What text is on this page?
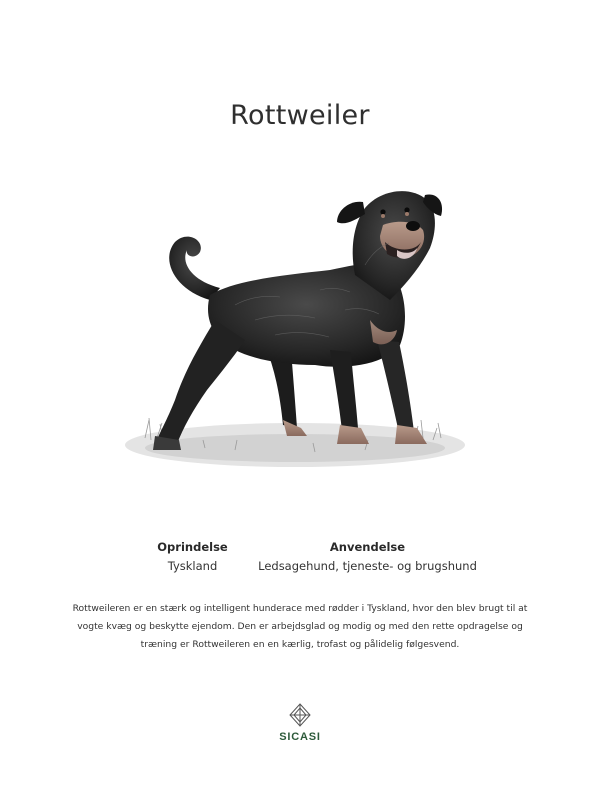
Rottweiler
Oprindelse
Tyskland
Anvendelse
Ledsagehund, tjeneste- og brugshund
Rottweileren er en stærk og intelligent hunderace med rødder i Tyskland, hvor den blev brugt til at vogte kvæg og beskytte ejendom. Den er arbejdsglad og modig og med den rette opdragelse og træning er Rottweileren en en kærlig, trofast og pålidelig følgesvend.
SICASI
